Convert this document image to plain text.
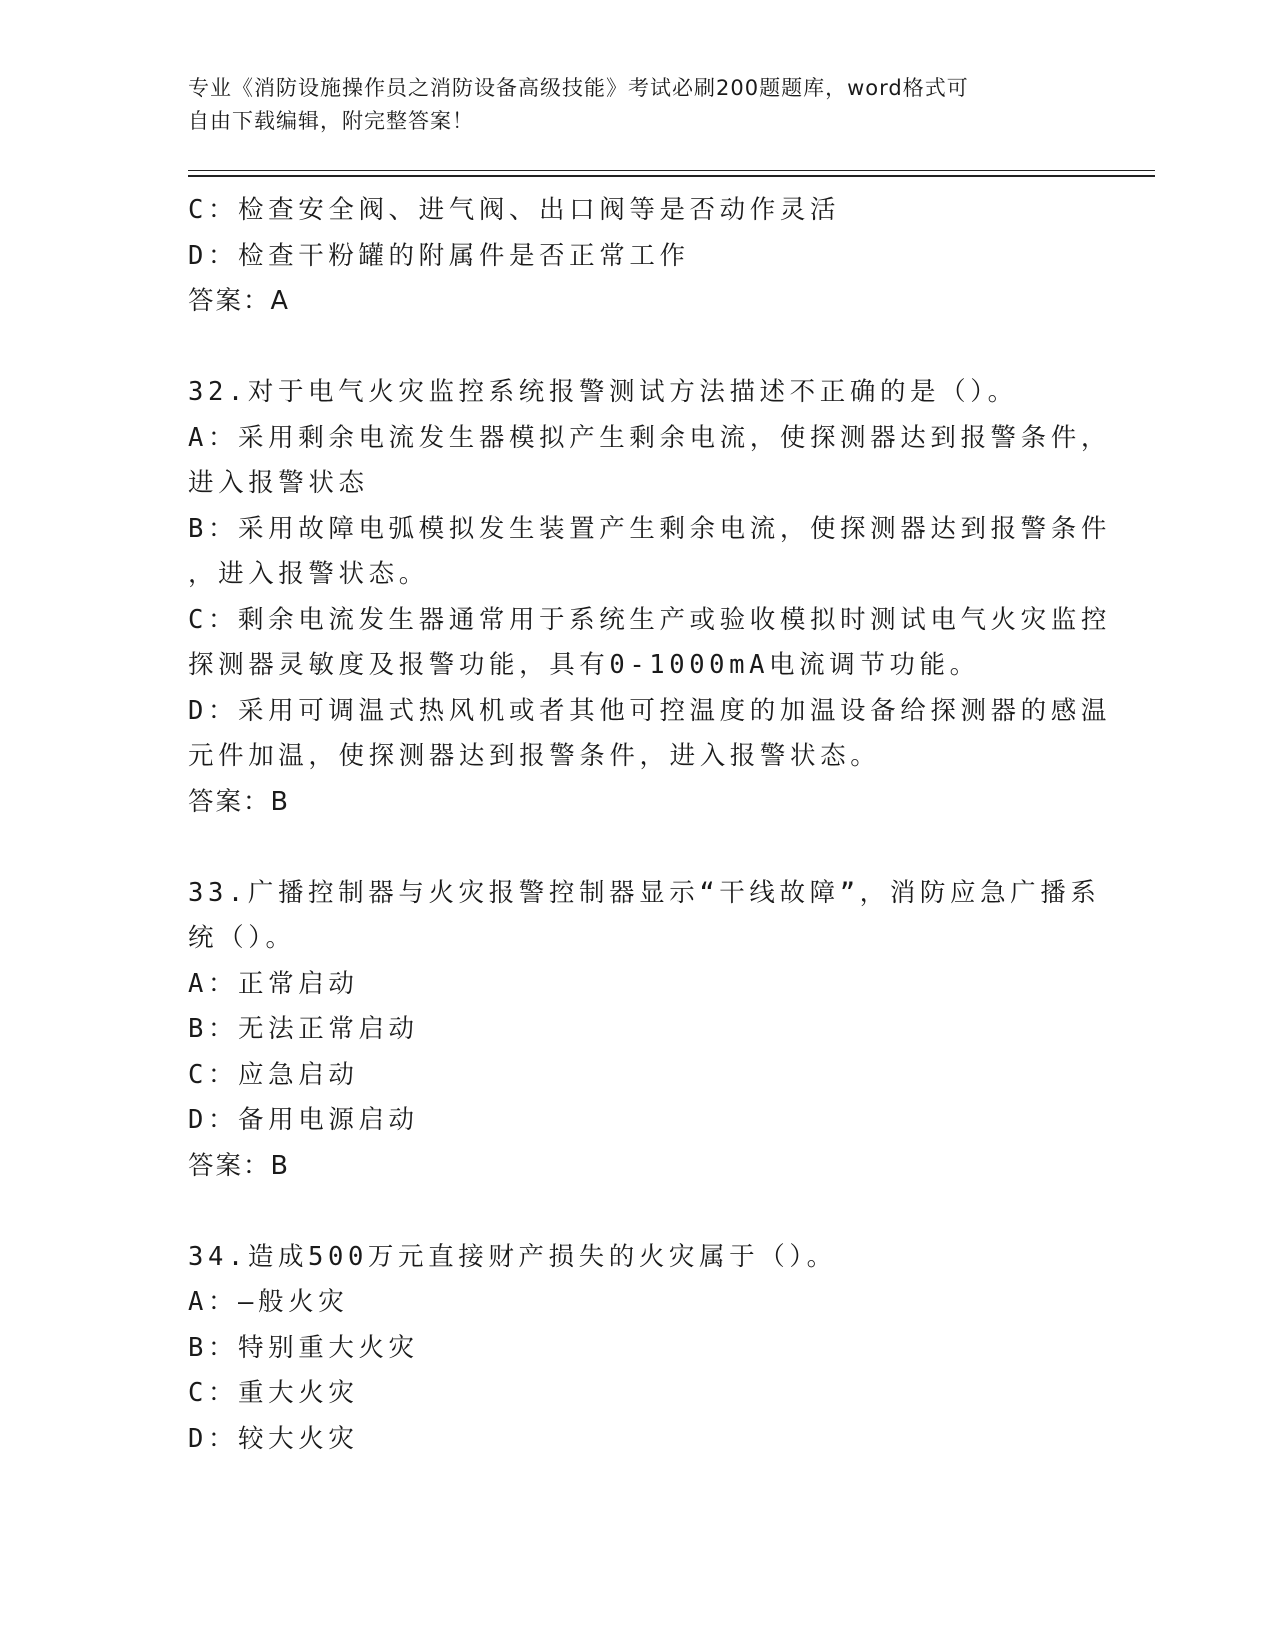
专业《消防设施操作员之消防设备高级技能》考试必刷200题题库，word格式可
自由下载编辑，附完整答案！
C：检查安全阀、进气阀、出口阀等是否动作灵活
D：检查干粉罐的附属件是否正常工作
答案：A
32.对于电气火灾监控系统报警测试方法描述不正确的是（）。
A：采用剩余电流发生器模拟产生剩余电流，使探测器达到报警条件，
进入报警状态
B：采用故障电弧模拟发生装置产生剩余电流，使探测器达到报警条件
，进入报警状态。
C：剩余电流发生器通常用于系统生产或验收模拟时测试电气火灾监控
探测器灵敏度及报警功能，具有0-1000mA电流调节功能。
D：采用可调温式热风机或者其他可控温度的加温设备给探测器的感温
元件加温，使探测器达到报警条件，进入报警状态。
答案：B
33.广播控制器与火灾报警控制器显示“干线故障”，消防应急广播系
统（）。
A：正常启动
B：无法正常启动
C：应急启动
D：备用电源启动
答案：B
34.造成500万元直接财产损失的火灾属于（）。
A：—般火灾
B：特别重大火灾
C：重大火灾
D：较大火灾
